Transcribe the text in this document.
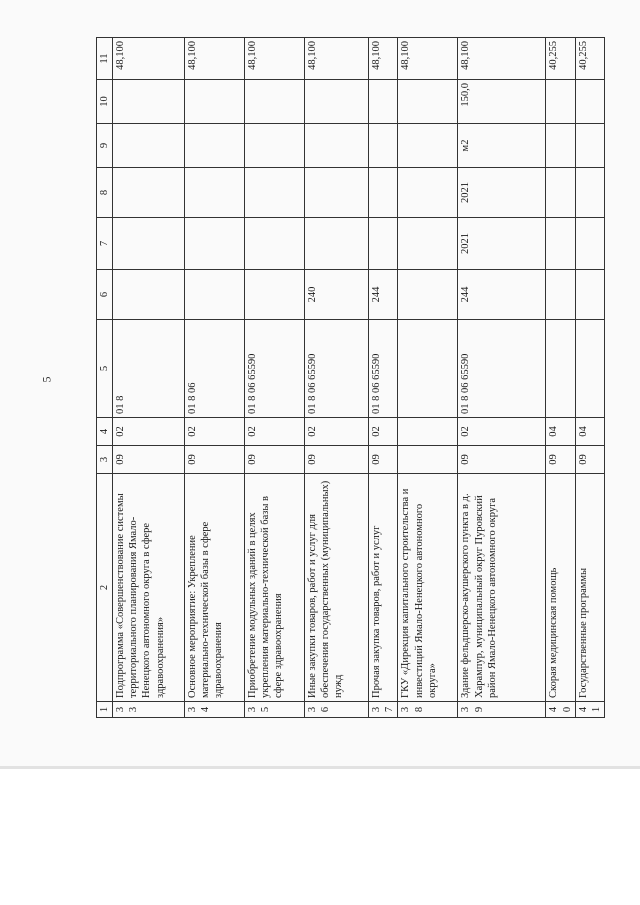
5
1	2	3	4	5	6	7	8	9	10	11
33	Подпрограмма «Совершенствование системы территориального планирования Ямало-Ненецкого автономного округа в сфере здравоохранения»	09	02	01 8						48,100
34	Основное мероприятие: Укрепление материально-технической базы в сфере здравоохранения	09	02	01 8 06						48,100
35	Приобретение модульных зданий в целях укрепления материально-технической базы в сфере здравоохранения	09	02	01 8 06 65590						48,100
36	Иные закупки товаров, работ и услуг для обеспечения государственных (муниципальных) нужд	09	02	01 8 06 65590	240					48,100
37	Прочая закупка товаров, работ и услуг	09	02	01 8 06 65590	244					48,100
38	ГКУ «Дирекция капитального строительства и инвестиций Ямало-Ненецкого автономного округа»									48,100
39	Здание фельдшерско-акушерского пункта в д. Харампур, муниципальный округ Пуровский район Ямало-Ненецкого автономного округа	09	02	01 8 06 65590	244	2021	2021	м2	150,0	48,100
40	Скорая медицинская помощь	09	04							40,255
41	Государственные программы	09	04							40,255
